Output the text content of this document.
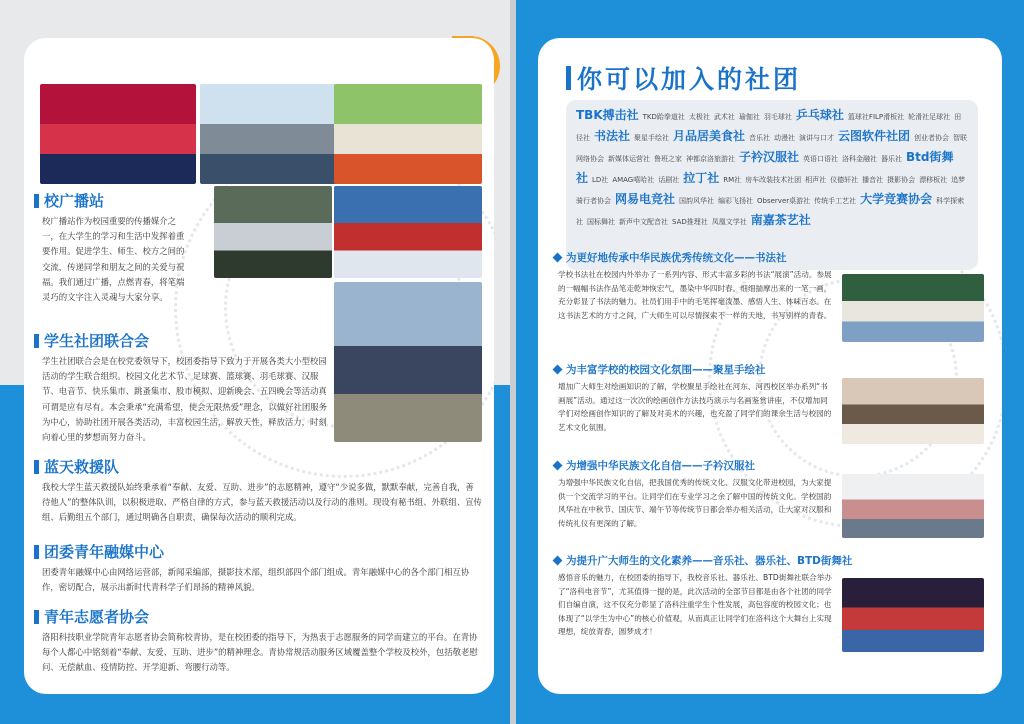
校广播站
校广播站作为校园重要的传播媒介之一，在大学生的学习和生活中发挥着重要作用。促进学生、师生、校方之间的交流，传递同学和朋友之间的关爱与祝福。我们通过广播，点燃青春，将笔端灵巧的文字注入灵魂与大家分享。
学生社团联合会
学生社团联合会是在校党委领导下，校团委指导下致力于开展各类大小型校园活动的学生联合组织。校园文化艺术节、足球赛、篮球赛、羽毛球赛、汉服节、电音节、快乐集市、跳蚤集市、股市模拟、迎新晚会、五四晚会等活动真可谓是应有尽有。本会秉承“充满希望，使会无限热爱”理念，以做好社团服务为中心，协助社团开展各类活动，丰富校园生活，解放天性，释放活力，时刻向着心里的梦想而努力奋斗。
蓝天救援队
我校大学生蓝天救援队始终秉承着“奉献、友爱、互助、进步”的志愿精神，遵守“少说多做，默默奉献，完善自我，善待他人”的整体队训，以积极进取、严格自律的方式，参与蓝天救援活动以及行动的准则。现设有秘书组、外联组、宣传组、后勤组五个部门，通过明确各自职责，确保每次活动的顺利完成。
团委青年融媒中心
团委青年融媒中心由网络运营部，新闻采编部，摄影技术部，组织部四个部门组成。青年融媒中心的各个部门相互协作，密切配合，展示出新时代青科学子们昂扬的精神风貌。
青年志愿者协会
洛阳科技职业学院青年志愿者协会简称校青协，是在校团委的指导下，为热衷于志愿服务的同学而建立的平台。在青协每个人都心中铭刻着“奉献、友爱、互助、进步”的精神理念。青协常规活动服务区域覆盖整个学校及校外，包括敬老慰问、无偿献血、疫情防控、开学迎新、弯腰行动等。
你可以加入的社团
TBK搏击社 TKD跆拳道社 太极社 武术社 瑜伽社 羽毛球社 乒乓球社 篮球社FILP滑板社 轮滑社足球社 田径社 书法社 聚星手绘社 月品居美食社 音乐社 动漫社 演讲与口才 云图软件社团 创业者协会 智联网络协会 新媒体运营社 鲁班之家 神都京洛旅游社 子衿汉服社 英语口语社 洛科金融社 器乐社 Btd街舞社 LD社 AMAG嘻哈社 话剧社 拉丁社 RM社 房车改装技术社团 相声社 仪德轩社 播音社 摄影协会 漂移板社 追梦骑行者协会 网易电竞社 国韵风华社 编彩飞扬社 Observer桌游社 传统手工艺社 大学竞赛协会 科学探索社 国标舞社 新声中文配音社 SAD推理社 凤凰文学社 南嘉茶艺社
为更好地传承中华民族优秀传统文化——书法社
学校书法社在校园内外举办了一系列内容、形式丰富多彩的书法“展演”活动。参展的一幅幅书法作品笔走乾坤恢宏气，墨染中华四时春。细细揣摩出来的一笔一画，充分彰显了书法的魅力。社员们用手中的毛笔挥毫泼墨、感悟人生、体味百态。在这书法艺术的方寸之间，广大师生可以尽情探索不一样的天地，书写别样的青春。
为丰富学校的校园文化氛围——聚星手绘社
增加广大师生对绘画知识的了解，学校聚星手绘社在河东、河西校区举办系列“书画展”活动。通过这一次次的绘画创作方法技巧演示与名画鉴赏讲座，不仅增加同学们对绘画创作知识的了解及对美术的兴趣，也充盈了同学们的课余生活与校园的艺术文化氛围。
为增强中华民族文化自信——子衿汉服社
为增强中华民族文化自信，把我国优秀的传统文化、汉服文化带进校园，为大家提供一个交流学习的平台。让同学们在专业学习之余了解中国的传统文化。学校国韵风华社在中秋节、国庆节、端午节等传统节日都会举办相关活动，让大家对汉服和传统礼仪有更深的了解。
为提升广大师生的文化素养——音乐社、器乐社、BTD街舞社
感悟音乐的魅力，在校团委的指导下，我校音乐社、器乐社、BTD街舞社联合举办了“洛科电音节”，尤其值得一提的是，此次活动的全部节目都是由各个社团的同学们自编自演，这不仅充分彰显了洛科注重学生个性发展，高包容度的校园文化；也体现了“以学生为中心”的核心价值观，从而真正让同学们在洛科这个大舞台上实现理想，绽放青春，圆梦成才！
